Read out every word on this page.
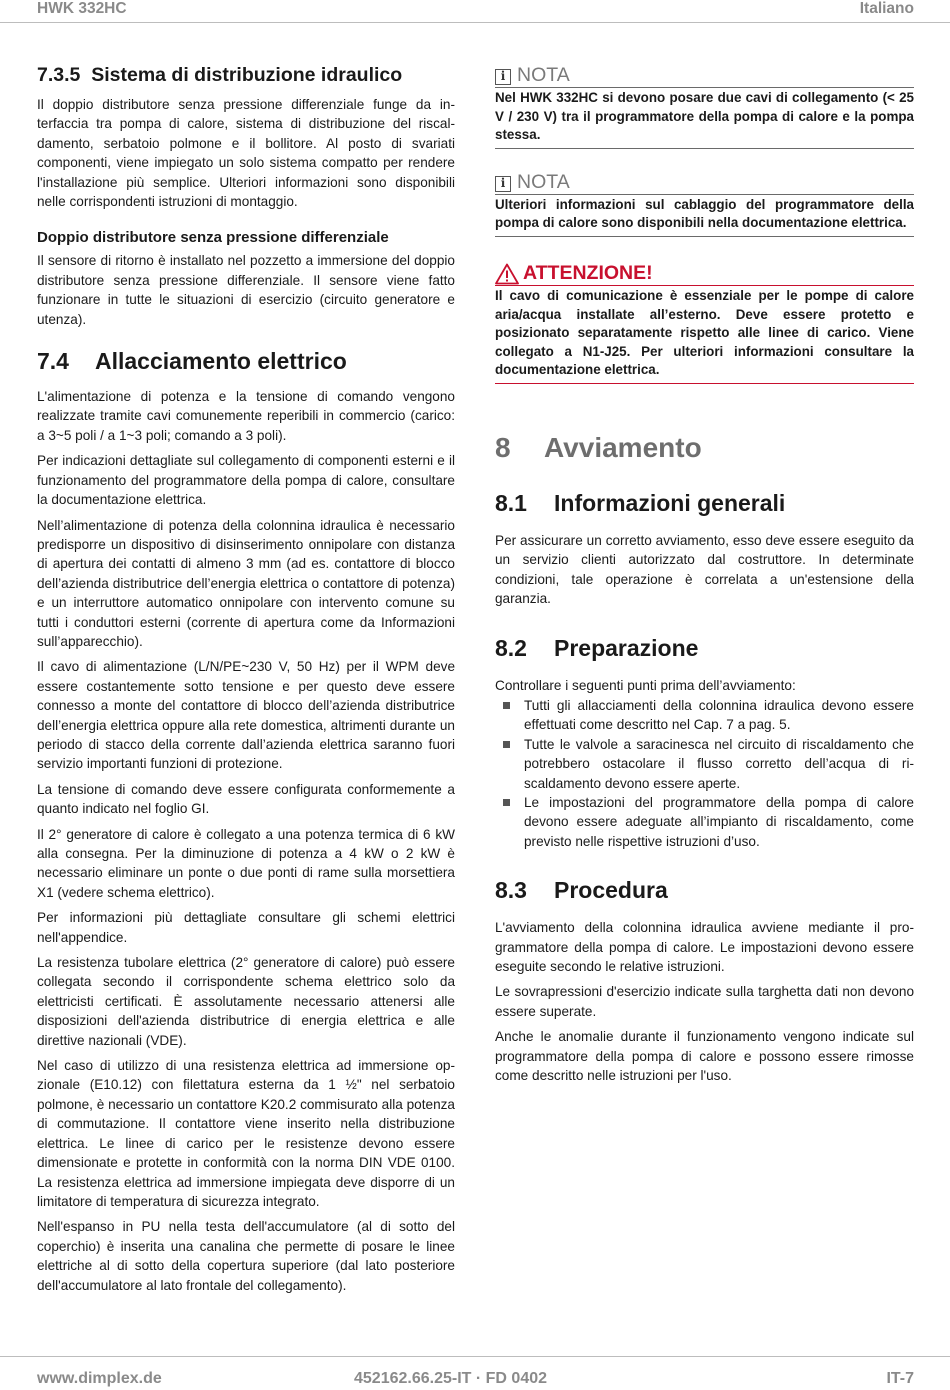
HWK 332HC	Italiano
7.3.5 Sistema di distribuzione idraulico

Il doppio distributore senza pressione differenziale funge da interfaccia tra pompa di calore, sistema di distribuzione del riscaldamento, serbatoio polmone e il bollitore. Al posto di svariati componenti, viene impiegato un solo sistema compatto per rendere l'installazione più semplice. Ulteriori informazioni sono disponibili nelle corrispondenti istruzioni di montaggio.

Doppio distributore senza pressione differenziale

Il sensore di ritorno è installato nel pozzetto a immersione del doppio distributore senza pressione differenziale. Il sensore viene fatto funzionare in tutte le situazioni di esercizio (circuito generatore e utenza).

7.4 Allacciamento elettrico

L'alimentazione di potenza e la tensione di comando vengono realizzate tramite cavi comunemente reperibili in commercio (carico: a 3~5 poli / a 1~3 poli; comando a 3 poli).

Per indicazioni dettagliate sul collegamento di componenti esterni e il funzionamento del programmatore della pompa di calore, consultare la documentazione elettrica.

Nell’alimentazione di potenza della colonnina idraulica è necessario predisporre un dispositivo di disinserimento onnipolare con distanza di apertura dei contatti di almeno 3 mm (ad es. contattore di blocco dell’azienda distributrice dell’energia elettrica o contattore di potenza) e un interruttore automatico onnipolare con intervento comune su tutti i conduttori esterni (corrente di apertura come da Informazioni sull’apparecchio).

Il cavo di alimentazione (L/N/PE~230 V, 50 Hz) per il WPM deve essere costantemente sotto tensione e per questo deve essere connesso a monte del contattore di blocco dell’azienda distributrice dell’energia elettrica oppure alla rete domestica, altrimenti durante un periodo di stacco della corrente dall’azienda elettrica saranno fuori servizio importanti funzioni di protezione.

La tensione di comando deve essere configurata conformemente a quanto indicato nel foglio GI.

Il 2° generatore di calore è collegato a una potenza termica di 6 kW alla consegna. Per la diminuzione di potenza a 4 kW o 2 kW è necessario eliminare un ponte o due ponti di rame sulla morsettiera X1 (vedere schema elettrico).

Per informazioni più dettagliate consultare gli schemi elettrici nell'appendice.

La resistenza tubolare elettrica (2° generatore di calore) può essere collegata secondo il corrispondente schema elettrico solo da elettricisti certificati. È assolutamente necessario attenersi alle disposizioni dell'azienda distributrice di energia elettrica e alle direttive nazionali (VDE).

Nel caso di utilizzo di una resistenza elettrica ad immersione opzionale (E10.12) con filettatura esterna da 1 ½" nel serbatoio polmone, è necessario un contattore K20.2 commisurato alla potenza di commutazione. Il contattore viene inserito nella distribuzione elettrica. Le linee di carico per le resistenze devono essere dimensionate e protette in conformità con la norma DIN VDE 0100. La resistenza elettrica ad immersione impiegata deve disporre di un limitatore di temperatura di sicurezza integrato.

Nell'espanso in PU nella testa dell'accumulatore (al di sotto del coperchio) è inserita una canalina che permette di posare le linee elettriche al di sotto della copertura superiore (dal lato posteriore dell'accumulatore al lato frontale del collegamento).

i NOTA
Nel HWK 332HC si devono posare due cavi di collegamento (< 25 V / 230 V) tra il programmatore della pompa di calore e la pompa stessa.
i NOTA
Ulteriori informazioni sul cablaggio del programmatore della pompa di calore sono disponibili nella documentazione elettrica.
ATTENZIONE!
Il cavo di comunicazione è essenziale per le pompe di calore aria/acqua installate all’esterno. Deve essere protetto e posizionato separatamente rispetto alle linee di carico. Viene collegato a N1-J25. Per ulteriori informazioni consultare la documentazione elettrica.
8 Avviamento
8.1 Informazioni generali

Per assicurare un corretto avviamento, esso deve essere eseguito da un servizio clienti autorizzato dal costruttore. In determinate condizioni, tale operazione è correlata a un'estensione della garanzia.

8.2 Preparazione

Controllare i seguenti punti prima dell’avviamento:

Tutti gli allacciamenti della colonnina idraulica devono essere effettuati come descritto nel Cap. 7 a pag. 5.
Tutte le valvole a saracinesca nel circuito di riscaldamento che potrebbero ostacolare il flusso corretto dell’acqua di riscaldamento devono essere aperte.
Le impostazioni del programmatore della pompa di calore devono essere adeguate all’impianto di riscaldamento, come previsto nelle rispettive istruzioni d’uso.
8.3 Procedura

L'avviamento della colonnina idraulica avviene mediante il programmatore della pompa di calore. Le impostazioni devono essere eseguite secondo le relative istruzioni.

Le sovrapressioni d'esercizio indicate sulla targhetta dati non devono essere superate.

Anche le anomalie durante il funzionamento vengono indicate sul programmatore della pompa di calore e possono essere rimosse come descritto nelle istruzioni per l'uso.

www.dimplex.de	452162.66.25-IT · FD 0402	IT-7
